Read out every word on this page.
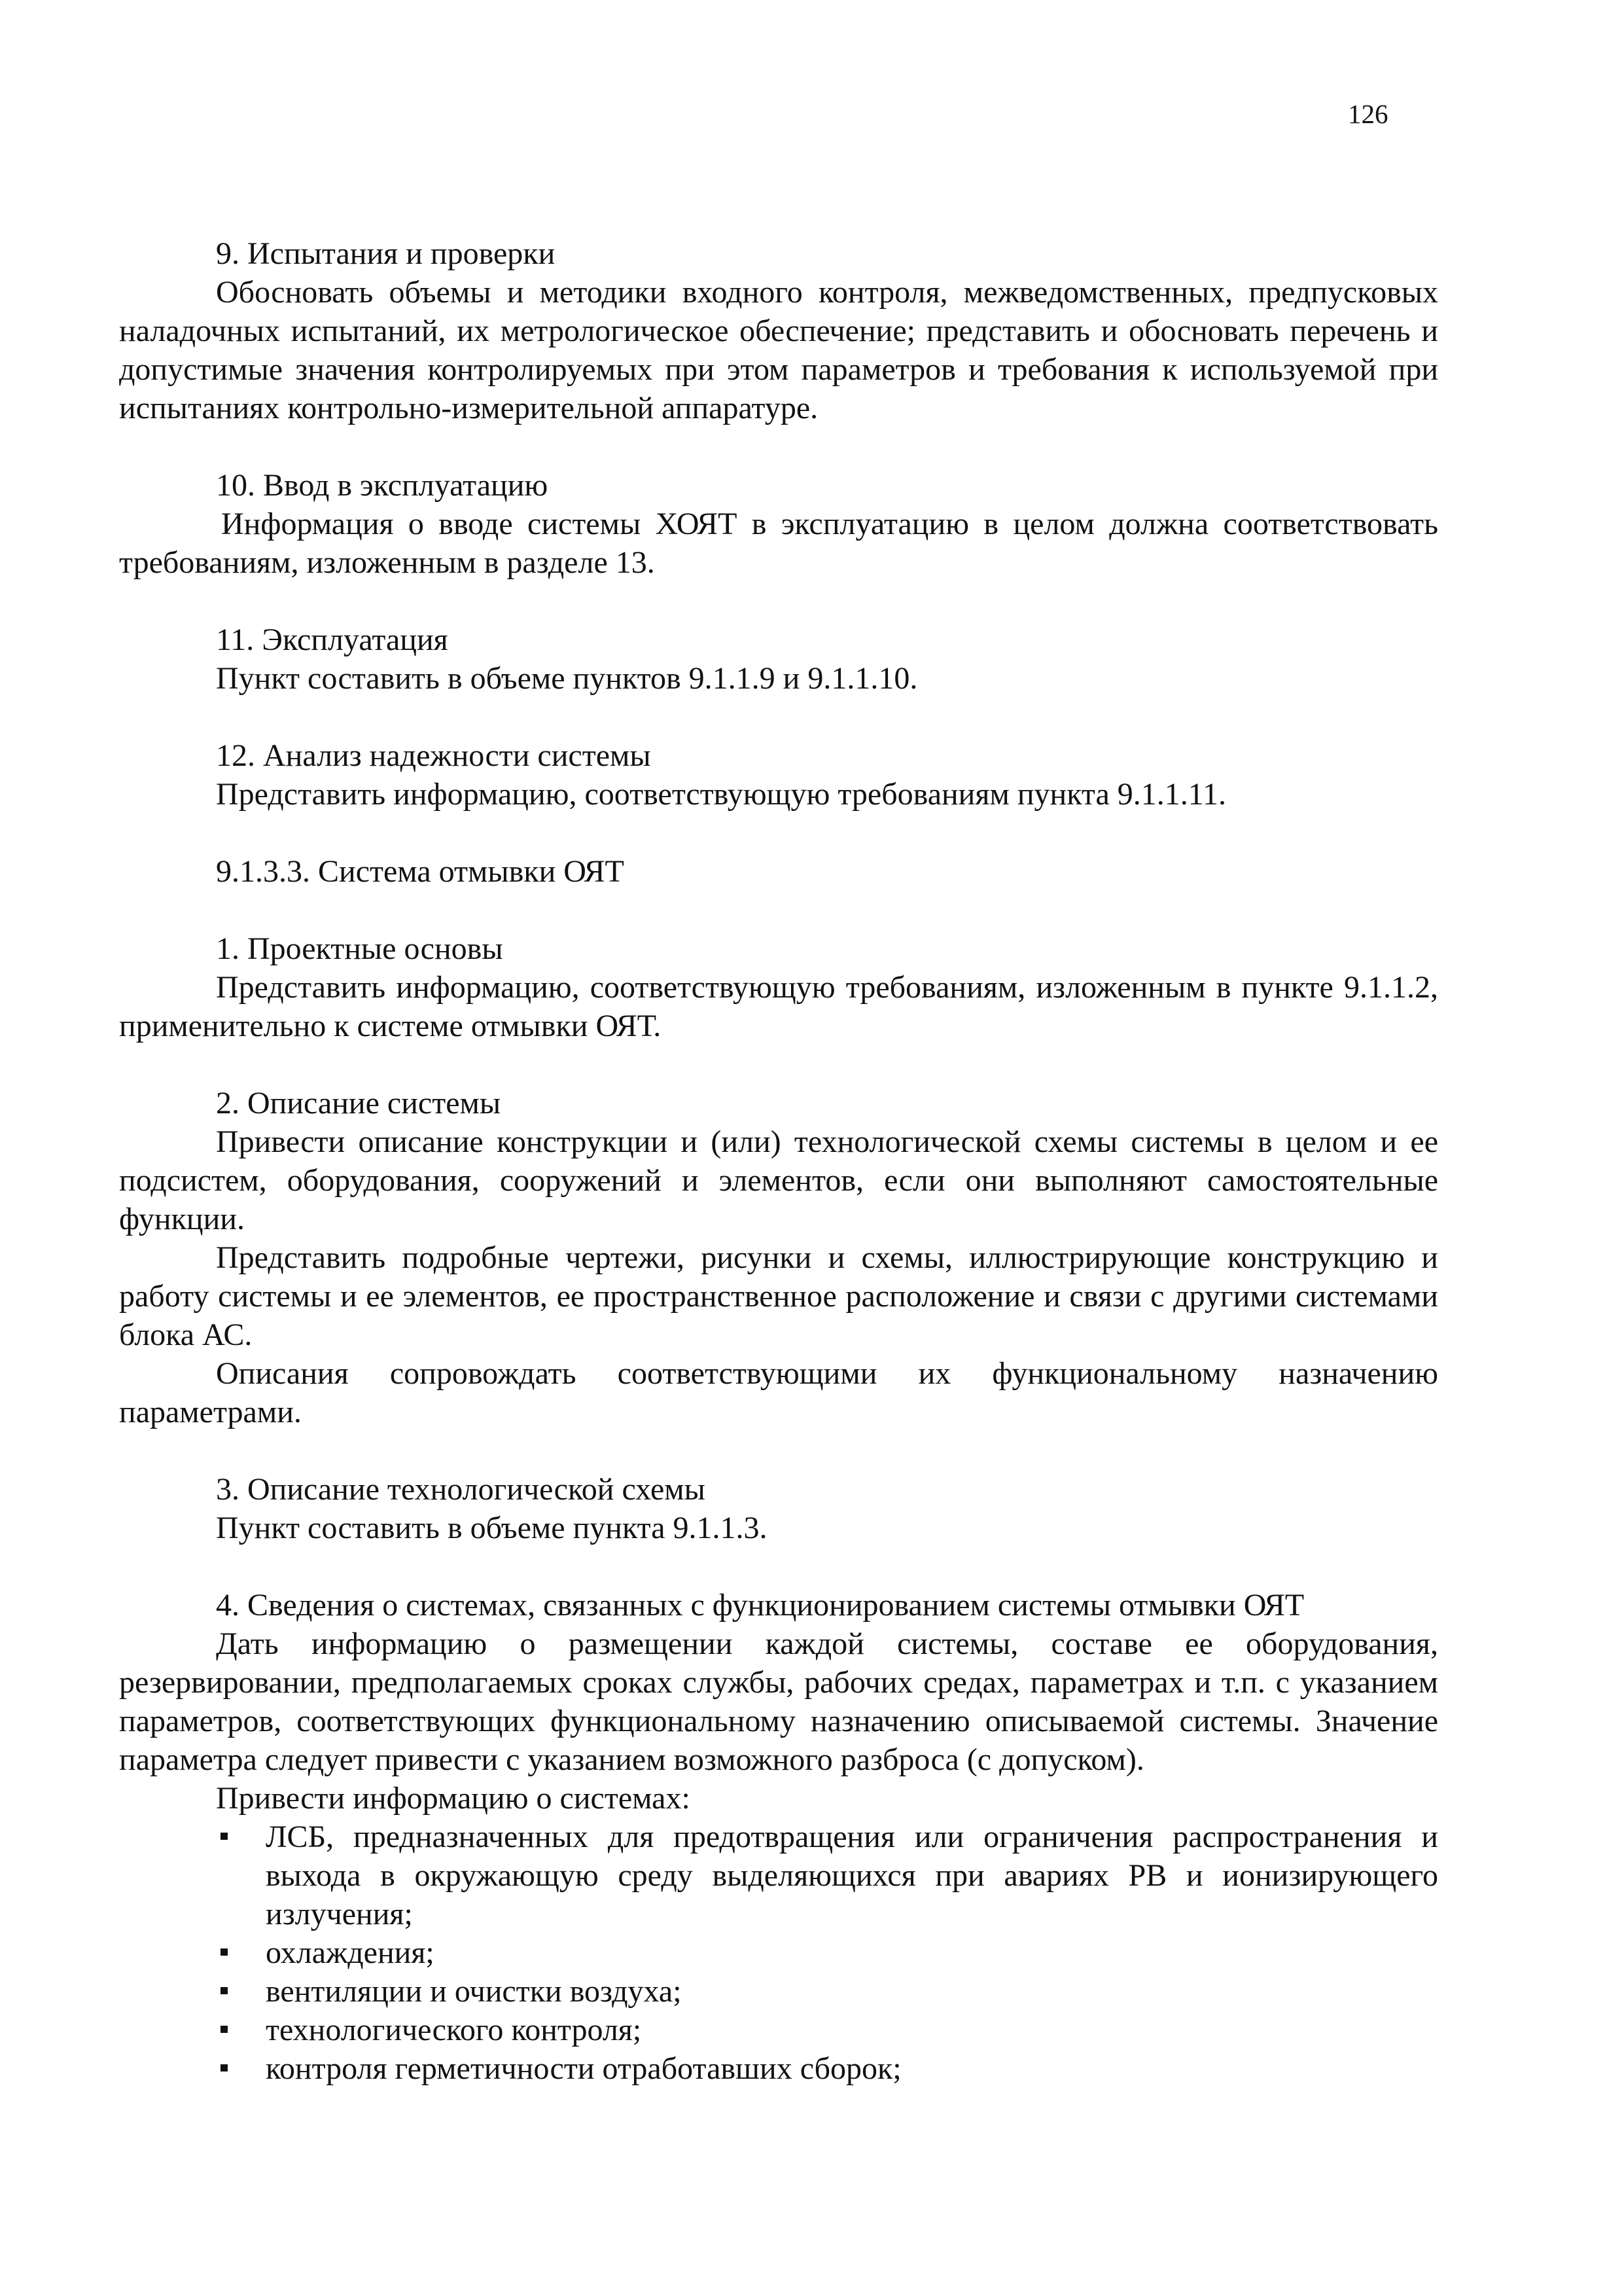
126

9. Испытания и проверки

Обосновать объемы и методики входного контроля, межведомственных, предпусковых наладочных испытаний, их метрологическое обеспечение; представить и обосновать перечень и допустимые значения контролируемых при этом параметров и требования к используемой при испытаниях контрольно-измерительной аппаратуре.

10. Ввод в эксплуатацию

Информация о вводе системы ХОЯТ в эксплуатацию в целом должна соответствовать требованиям, изложенным в разделе 13.

11. Эксплуатация

Пункт составить в объеме пунктов 9.1.1.9 и 9.1.1.10.

12. Анализ надежности системы

Представить информацию, соответствующую требованиям пункта 9.1.1.11.

9.1.3.3. Система отмывки ОЯТ

1. Проектные основы

Представить информацию, соответствующую требованиям, изложенным в пункте 9.1.1.2, применительно к системе отмывки ОЯТ.

2. Описание системы

Привести описание конструкции и (или) технологической схемы системы в целом и ее подсистем, оборудования, сооружений и элементов, если они выполняют самостоятельные функции.

Представить подробные чертежи, рисунки и схемы, иллюстрирующие конструкцию и работу системы и ее элементов, ее пространственное расположение и связи с другими системами блока АС.

Описания сопровождать соответствующими их функциональному назначению параметрами.

3. Описание технологической схемы

Пункт составить в объеме пункта 9.1.1.3.

4. Сведения о системах, связанных с функционированием системы отмывки ОЯТ

Дать информацию о размещении каждой системы, составе ее оборудования, резервировании, предполагаемых сроках службы, рабочих средах, параметрах и т.п. с указанием параметров, соответствующих функциональному назначению описываемой системы. Значение параметра следует привести с указанием возможного разброса (с допуском).

Привести информацию о системах:

ЛСБ, предназначенных для предотвращения или ограничения распространения и выхода в окружающую среду выделяющихся при авариях РВ и ионизирующего излучения;
охлаждения;
вентиляции и очистки воздуха;
технологического контроля;
контроля герметичности отработавших сборок;
